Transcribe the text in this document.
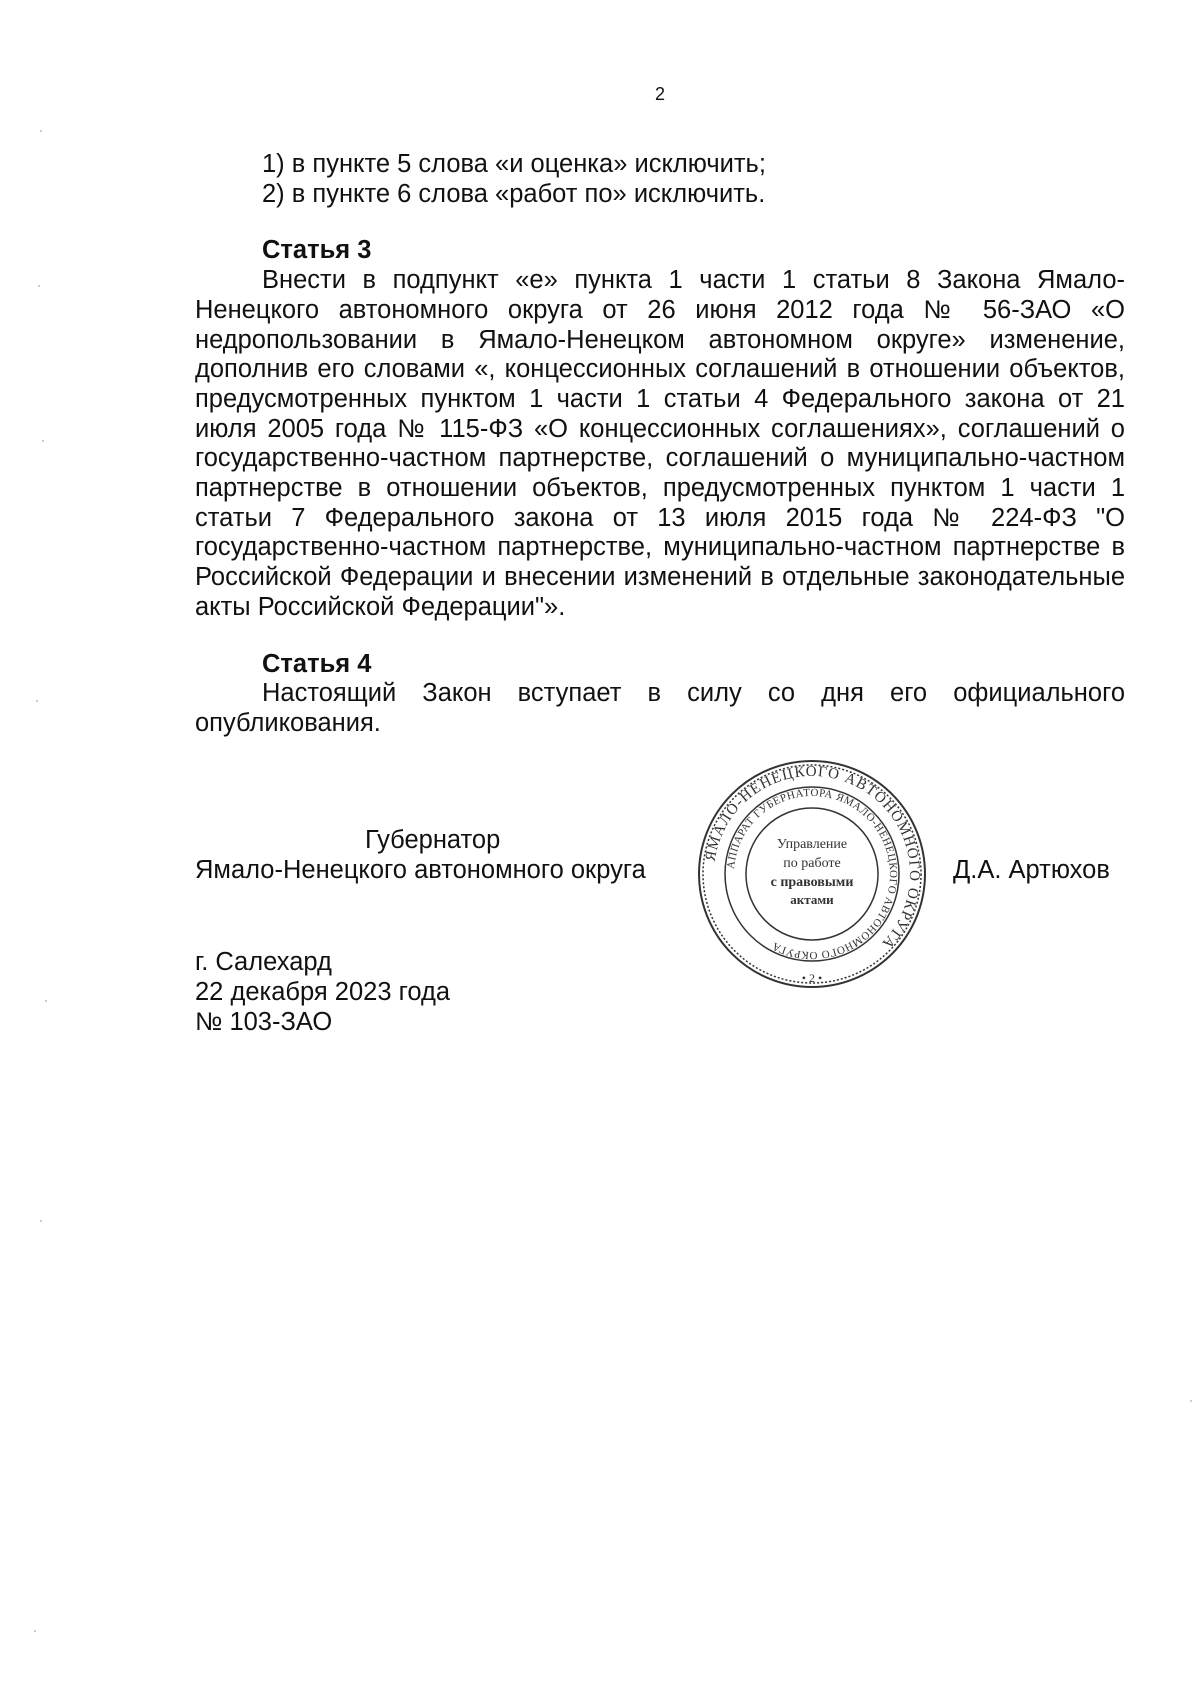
2
1) в пункте 5 слова «и оценка» исключить;
2) в пункте 6 слова «работ по» исключить.
Статья 3
Внести в подпункт «е» пункта 1 части 1 статьи 8 Закона Ямало-Ненецкого автономного округа от 26 июня 2012 года № 56-ЗАО «О недропользовании в Ямало-Ненецком автономном округе» изменение, дополнив его словами «, концессионных соглашений в отношении объектов, предусмотренных пунктом 1 части 1 статьи 4 Федерального закона от 21 июля 2005 года № 115-ФЗ «О концессионных соглашениях», соглашений о государственно-частном партнерстве, соглашений о муниципально-частном партнерстве в отношении объектов, предусмотренных пунктом 1 части 1 статьи 7 Федерального закона от 13 июля 2015 года № 224-ФЗ "О государственно-частном партнерстве, муниципально-частном партнерстве в Российской Федерации и внесении изменений в отдельные законодательные акты Российской Федерации"».
Статья 4
Настоящий Закон вступает в силу со дня его официального опубликования.
Губернатор
Ямало-Ненецкого автономного округа	Д.А. Артюхов
ЯМАЛО-НЕНЕЦКОГО АВТОНОМНОГО ОКРУГА
АППАРАТ ГУБЕРНАТОРА ЯМАЛО-НЕНЕЦКОГО АВТОНОМНОГО ОКРУГА
Управление
по работе
с правовыми
актами
• 2 •
г. Салехард
22 декабря 2023 года
№ 103-ЗАО
